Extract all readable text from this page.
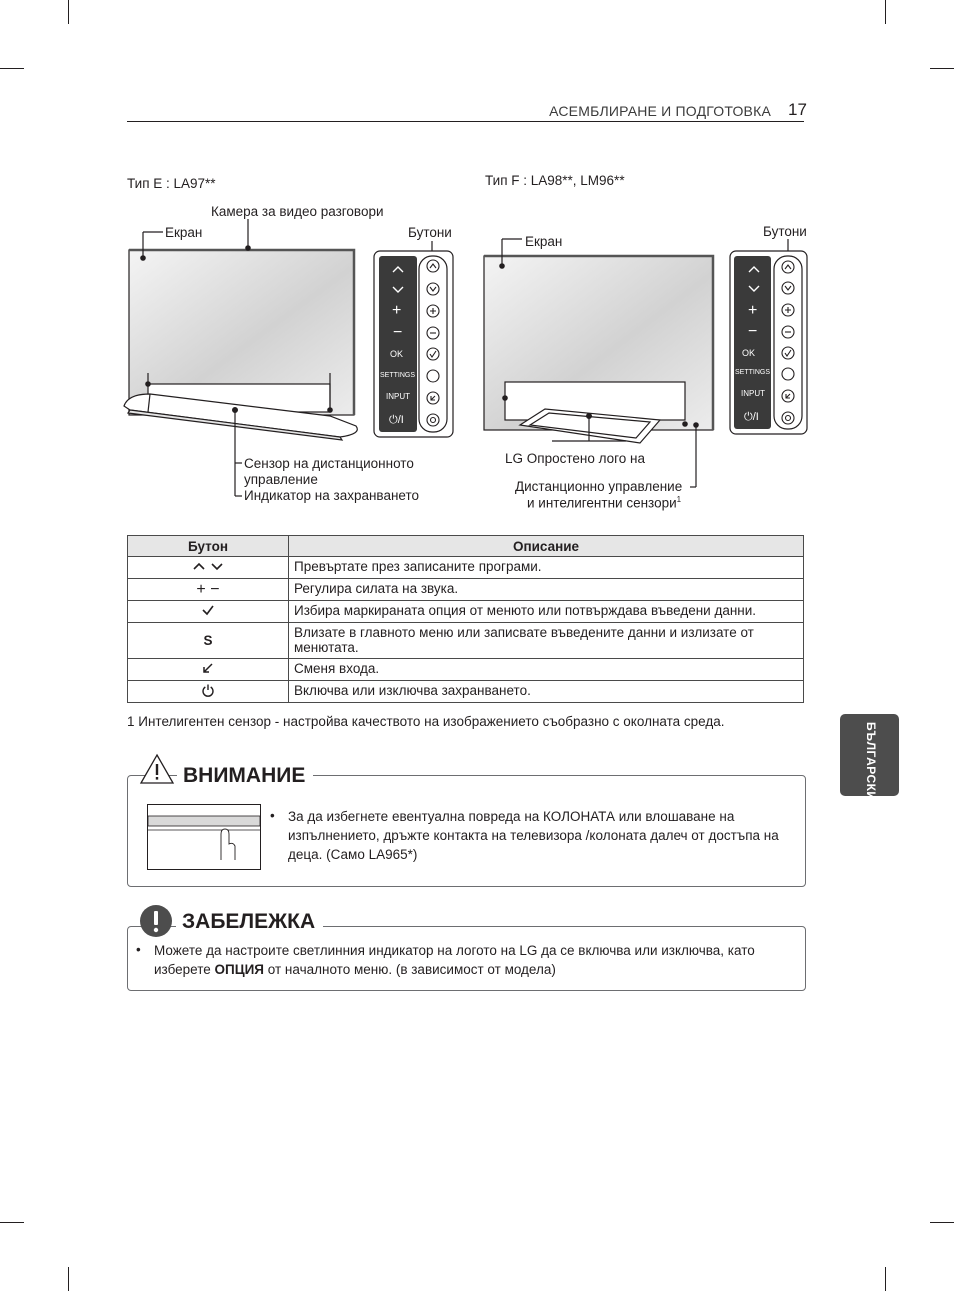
АСЕМБЛИРАНЕ И ПОДГОТОВКА 17
Тип E : LA97**
Камера за видео разговори
Екран	Бутони
Сензор на дистанционното
управление
Индикатор на захранването
Тип F : LA98**, LM96**
Екран
Бутони
LG Опростено лого на
Дистанционно управление
и интелигентни сензори$^1$
+
−
OK
SETTINGS
INPUT
⏻/I
+
−
OK
SETTINGS
INPUT
⏻/I
Бутон	Описание
	Превъртате през записаните програми.
+ −	Регулира силата на звука.
	Избира маркираната опция от менюто или потвърждава въведени данни.
S	Влизате в главното меню или записвате въведените данни и излизате от менютата.
	Сменя входа.
	Включва или изключва захранването.
1 Интелигентен сензор - настройва качеството на изображението съобразно с околната среда.
БЪЛГАРСКИ
ВНИМАНИЕ
• За да избегнете евентуална повреда на КОЛОНАТА или влошаване на изпълнението, дръжте контакта на телевизора /колоната далеч от достъпа на деца. (Само LA965*)
ЗАБЕЛЕЖКА
• Можете да настроите светлинния индикатор на логото на LG да се включва или изключва, като изберете ОПЦИЯ от началното меню. (в зависимост от модела)
